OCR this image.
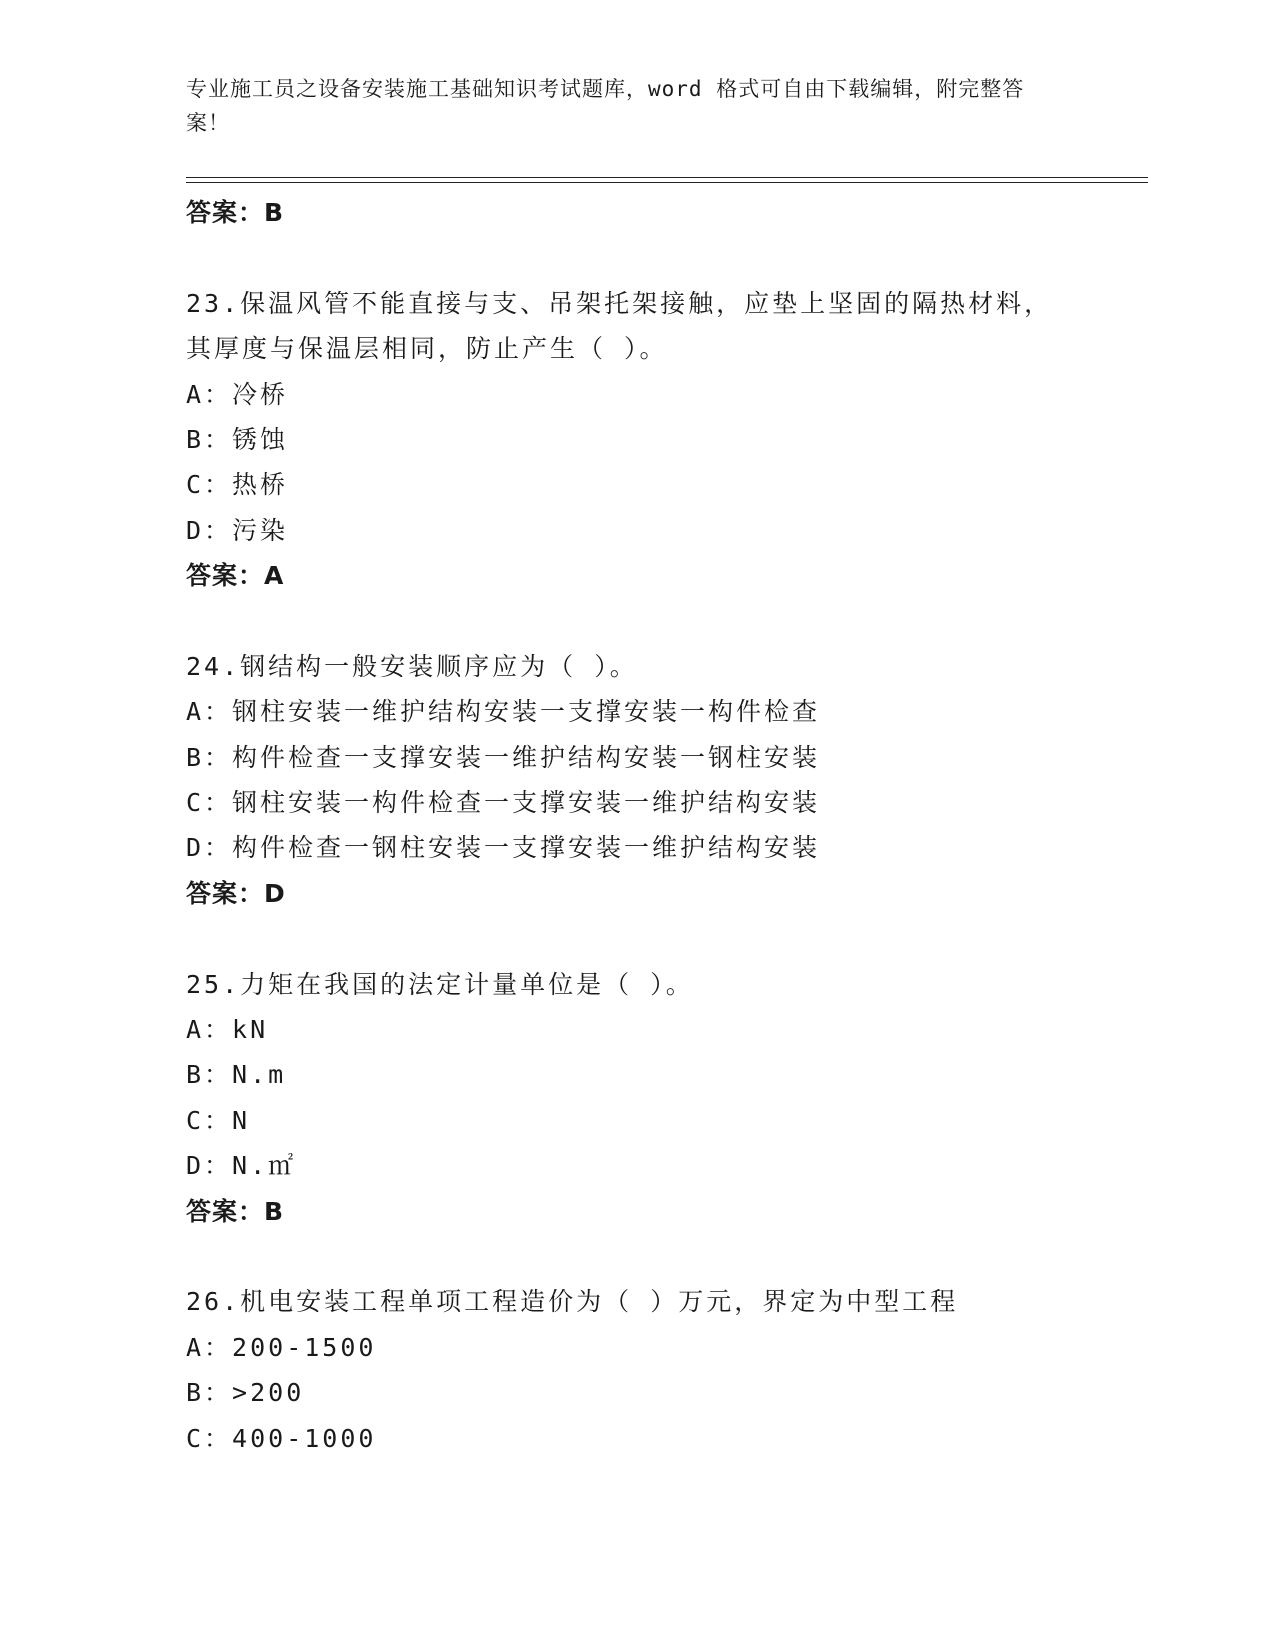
专业施工员之设备安装施工基础知识考试题库，word 格式可自由下载编辑，附完整答案！
答案：B
23.保温风管不能直接与支、吊架托架接触，应垫上坚固的隔热材料，
其厚度与保温层相同，防止产生（ ）。
A：冷桥
B：锈蚀
C：热桥
D：污染
答案：A
24.钢结构一般安装顺序应为（ ）。
A：钢柱安装一维护结构安装一支撑安装一构件检查
B：构件检查一支撑安装一维护结构安装一钢柱安装
C：钢柱安装一构件检查一支撑安装一维护结构安装
D：构件检查一钢柱安装一支撑安装一维护结构安装
答案：D
25.力矩在我国的法定计量单位是（ ）。
A：kN
B：N.m
C：N
D：N.㎡
答案：B
26.机电安装工程单项工程造价为（ ）万元，界定为中型工程
A：200-1500
B：>200
C：400-1000
